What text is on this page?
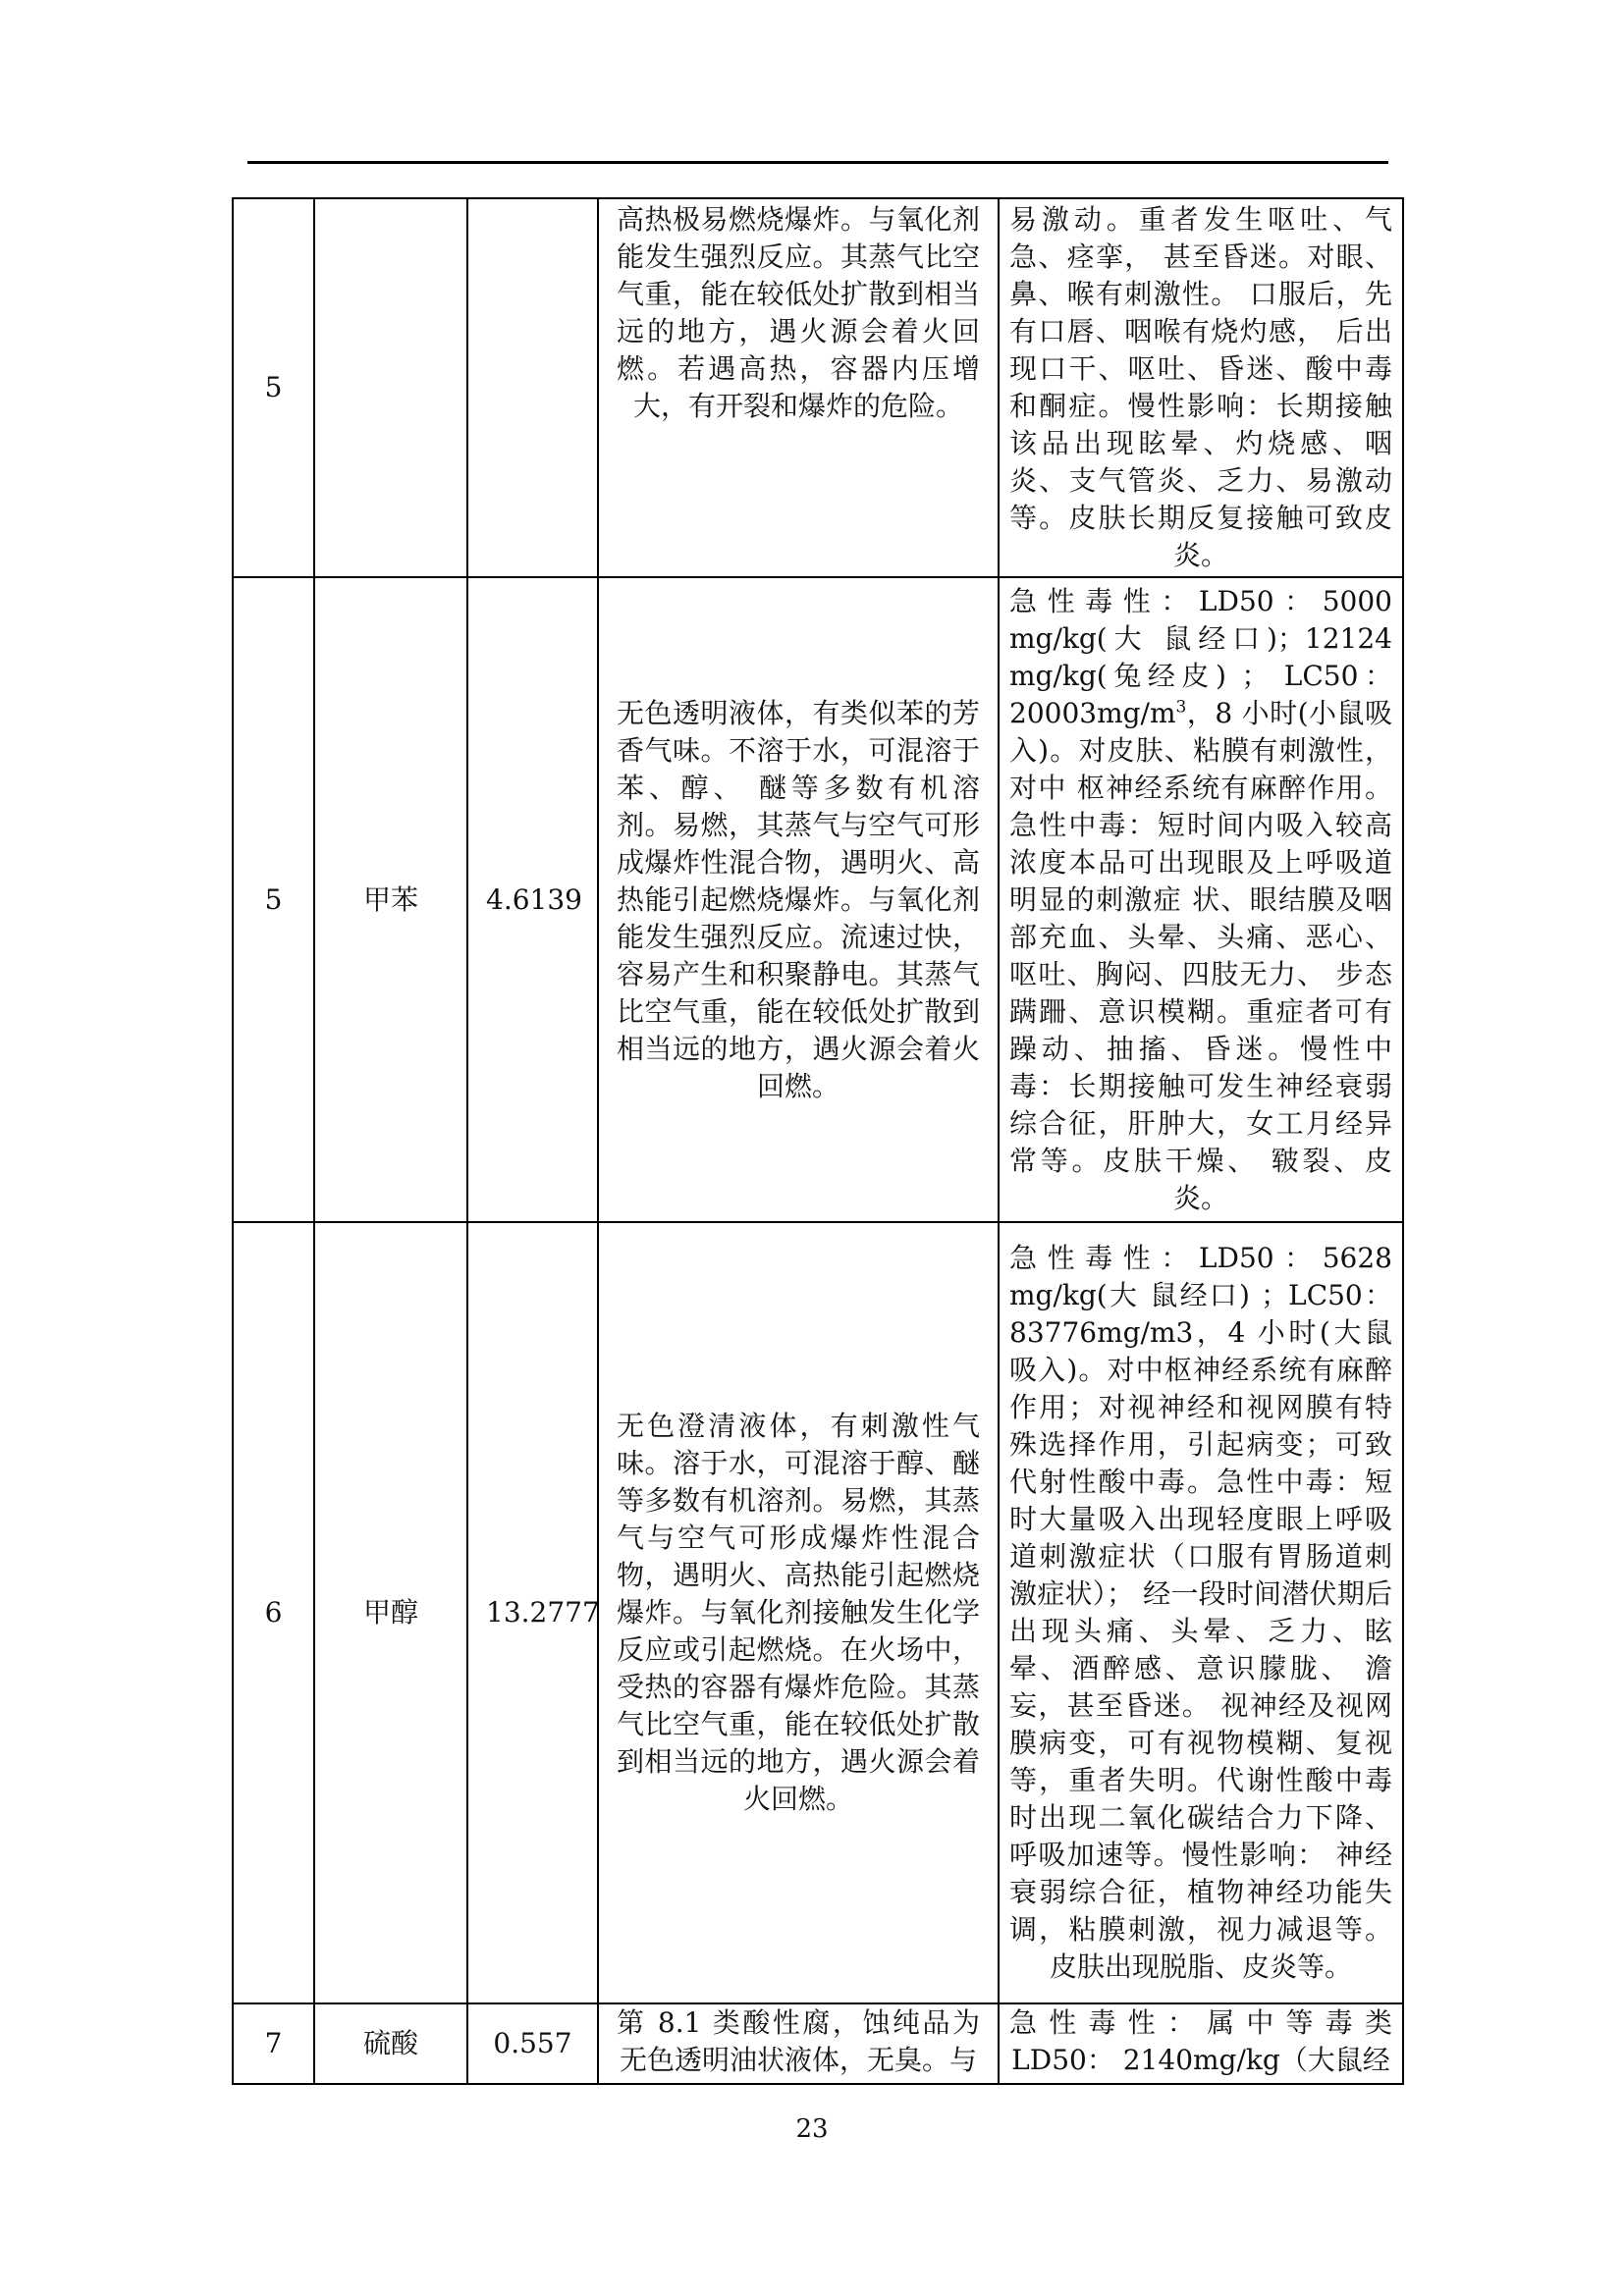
5			高热极易燃烧爆炸。与氧化剂能发生强烈反应。其蒸气比空气重，能在较低处扩散到相当远的地方，遇火源会着火回燃。若遇高热，容器内压增大，有开裂和爆炸的危险。	易激动。重者发生呕吐、气急、痉挛， 甚至昏迷。对眼、鼻、喉有刺激性。 口服后，先有口唇、咽喉有烧灼感， 后出现口干、呕吐、昏迷、酸中毒和酮症。慢性影响：长期接触该品出现眩晕、灼烧感、咽炎、支气管炎、乏力、易激动等。皮肤长期反复接触可致皮炎。
5	甲苯	4.6139	无色透明液体，有类似苯的芳香气味。不溶于水，可混溶于苯、醇、 醚等多数有机溶剂。易燃，其蒸气与空气可形成爆炸性混合物，遇明火、高热能引起燃烧爆炸。与氧化剂能发生强烈反应。流速过快，容易产生和积聚静电。其蒸气比空气重，能在较低处扩散到相当远的地方，遇火源会着火回燃。	急性毒性：LD50：5000 mg/kg(大 鼠经口)；12124 mg/kg(兔经皮) ； LC50：$20003mg/m^3$，8 小时(小鼠吸入)。对皮肤、粘膜有刺激性，对中 枢神经系统有麻醉作用。急性中毒：短时间内吸入较高浓度本品可出现眼及上呼吸道明显的刺激症 状、眼结膜及咽部充血、头晕、头痛、恶心、呕吐、胸闷、四肢无力、 步态蹒跚、意识模糊。重症者可有躁动、抽搐、昏迷。慢性中毒：长期接触可发生神经衰弱综合征，肝肿大，女工月经异常等。皮肤干燥、 皲裂、皮炎。
6	甲醇	13.2777	无色澄清液体，有刺激性气味。溶于水，可混溶于醇、醚等多数有机溶剂。易燃，其蒸气与空气可形成爆炸性混合物，遇明火、高热能引起燃烧爆炸。与氧化剂接触发生化学反应或引起燃烧。在火场中，受热的容器有爆炸危险。其蒸气比空气重，能在较低处扩散到相当远的地方，遇火源会着火回燃。	急性毒性：LD50：5628 mg/kg(大 鼠经口) ；LC50：83776mg/m3，4 小时(大鼠吸入)。对中枢神经系统有麻醉作用；对视神经和视网膜有特殊选择作用，引起病变；可致代射性酸中毒。急性中毒：短时大量吸入出现轻度眼上呼吸道刺激症状（口服有胃肠道刺激症状）； 经一段时间潜伏期后出现头痛、头晕、乏力、眩晕、酒醉感、意识朦胧、 澹妄，甚至昏迷。 视神经及视网膜病变，可有视物模糊、复视等，重者失明。代谢性酸中毒时出现二氧化碳结合力下降、 呼吸加速等。慢性影响： 神经衰弱综合征，植物神经功能失调，粘膜刺激，视力减退等。皮肤出现脱脂、皮炎等。
7	硫酸	0.557	第 8.1 类酸性腐，蚀纯品为无色透明油状液体，无臭。与	急性毒性：属中等毒类 LD50： 2140mg/kg（大鼠经
23
